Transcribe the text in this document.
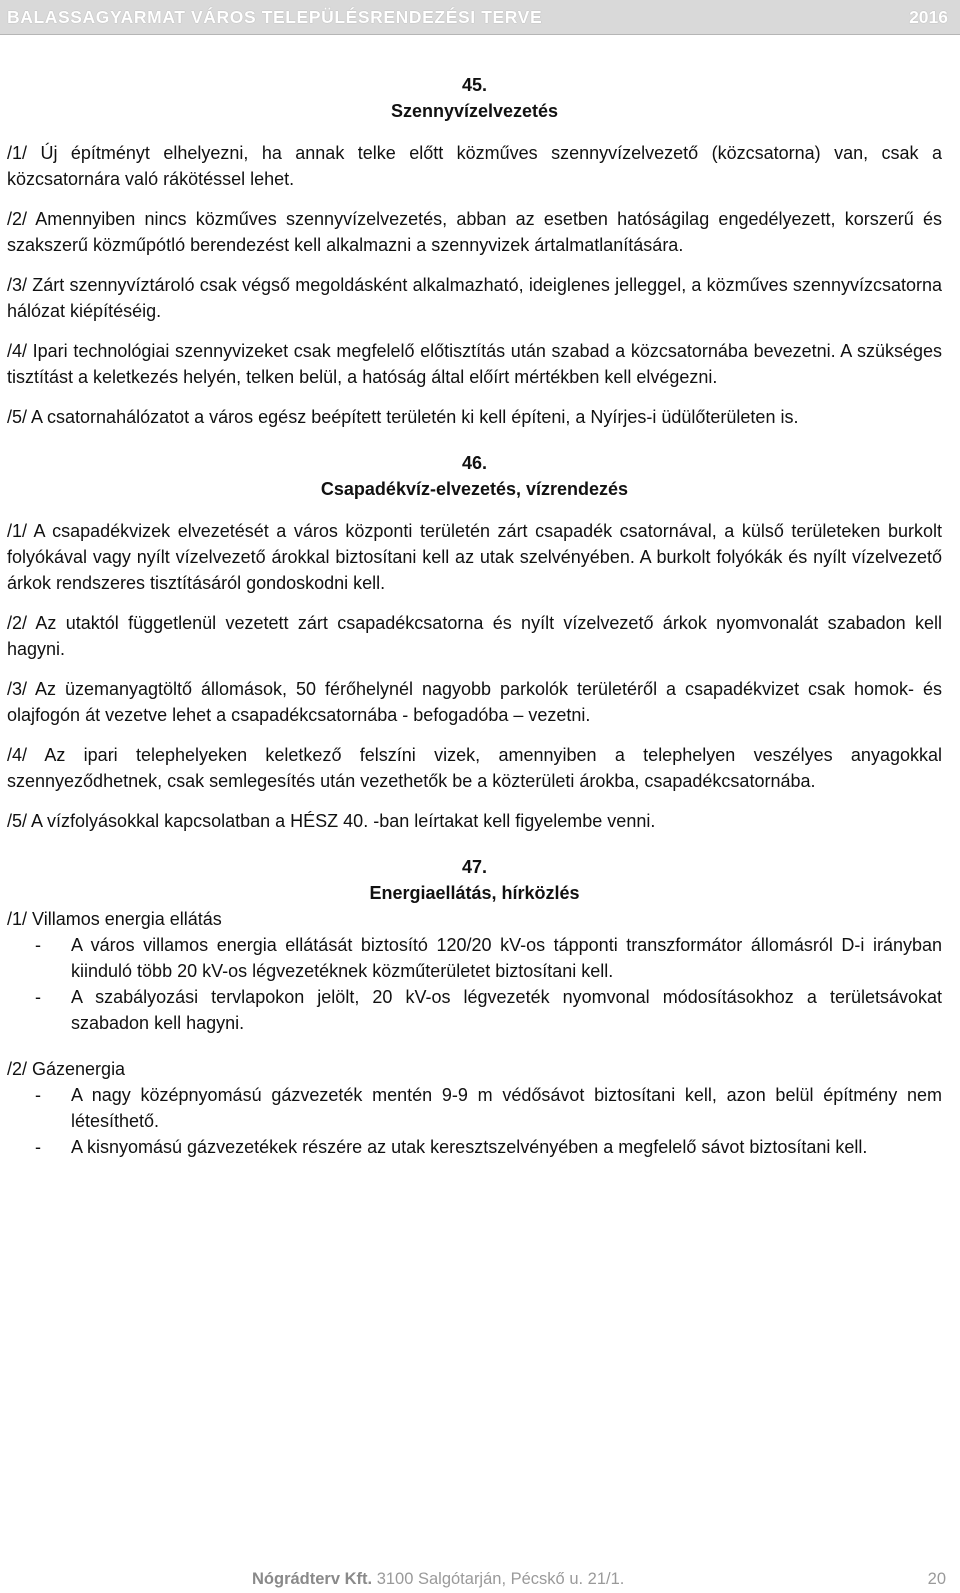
BALASSAGYARMAT VÁROS TELEPÜLÉSRENDEZÉSI TERVE	2016

45.

Szennyvízelvezetés

/1/ Új építményt elhelyezni, ha annak telke előtt közműves szennyvízelvezető (közcsatorna) van, csak a közcsatornára való rákötéssel lehet.

/2/ Amennyiben nincs közműves szennyvízelvezetés, abban az esetben hatóságilag engedélyezett, korszerű és szakszerű közműpótló berendezést kell alkalmazni a szennyvizek ártalmatlanítására.

/3/ Zárt szennyvíztároló csak végső megoldásként alkalmazható, ideiglenes jelleggel, a közműves szennyvízcsatorna hálózat kiépítéséig.

/4/ Ipari technológiai szennyvizeket csak megfelelő előtisztítás után szabad a közcsatornába bevezetni. A szükséges tisztítást a keletkezés helyén, telken belül, a hatóság által előírt mértékben kell elvégezni.

/5/ A csatornahálózatot a város egész beépített területén ki kell építeni, a Nyírjes-i üdülőterületen is.

46.

Csapadékvíz-elvezetés, vízrendezés

/1/ A csapadékvizek elvezetését a város központi területén zárt csapadék csatornával, a külső területeken burkolt folyókával vagy nyílt vízelvezető árokkal biztosítani kell az utak szelvényében. A burkolt folyókák és nyílt vízelvezető árkok rendszeres tisztításáról gondoskodni kell.

/2/ Az utaktól függetlenül vezetett zárt csapadékcsatorna és nyílt vízelvezető árkok nyomvonalát szabadon kell hagyni.

/3/ Az üzemanyagtöltő állomások, 50 férőhelynél nagyobb parkolók területéről a csapadékvizet csak homok- és olajfogón át vezetve lehet a csapadékcsatornába - befogadóba – vezetni.

/4/ Az ipari telephelyeken keletkező felszíni vizek, amennyiben a telephelyen veszélyes anyagokkal szennyeződhetnek, csak semlegesítés után vezethetők be a közterületi árokba, csapadékcsatornába.

/5/ A vízfolyásokkal kapcsolatban a HÉSZ 40. -ban leírtakat kell figyelembe venni.

47.

Energiaellátás, hírközlés

/1/ Villamos energia ellátás

- A város villamos energia ellátását biztosító 120/20 kV-os tápponti transzformátor állomásról D-i irányban kiinduló több 20 kV-os légvezetéknek közműterületet biztosítani kell.
- A szabályozási tervlapokon jelölt, 20 kV-os légvezeték nyomvonal módosításokhoz a területsávokat szabadon kell hagyni.

/2/ Gázenergia

- A nagy középnyomású gázvezeték mentén 9-9 m védősávot biztosítani kell, azon belül építmény nem létesíthető.
- A kisnyomású gázvezetékek részére az utak keresztszelvényében a megfelelő sávot biztosítani kell.
Nógrádterv Kft. 3100 Salgótarján, Pécskő u. 21/1.	20
